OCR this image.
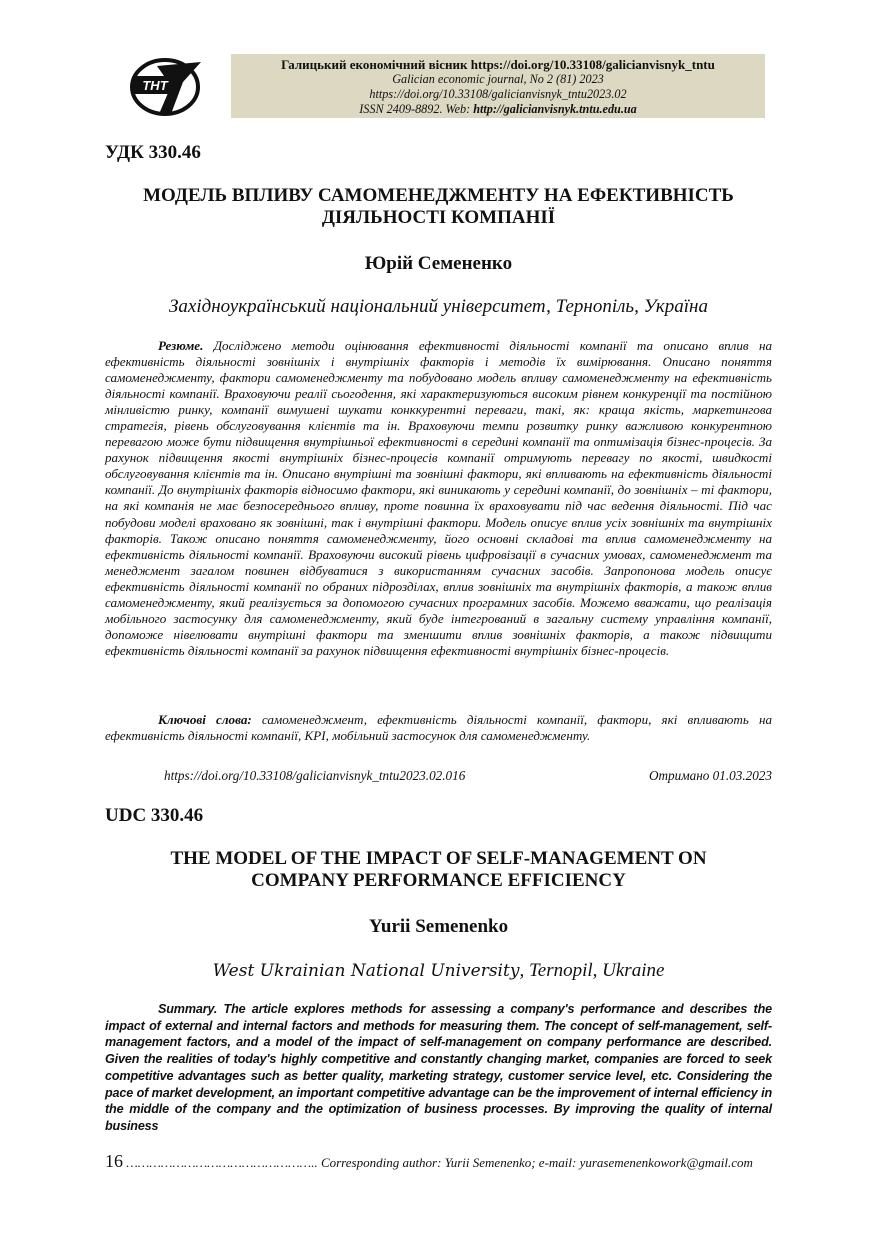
ТНТ
Галицький економічний вісник https://doi.org/10.33108/galicianvisnyk_tntu
Galician economic journal, No 2 (81) 2023
https://doi.org/10.33108/galicianvisnyk_tntu2023.02
ISSN 2409-8892. Web: http://galicianvisnyk.tntu.edu.ua
УДК 330.46
МОДЕЛЬ ВПЛИВУ САМОМЕНЕДЖМЕНТУ НА ЕФЕКТИВНІСТЬ
ДІЯЛЬНОСТІ КОМПАНІЇ
Юрій Семененко
Західноукраїнський національний університет, Тернопіль, Україна

Резюме. Досліджено методи оцінювання ефективності діяльності компанії та описано вплив на ефективність діяльності зовнішніх і внутрішніх факторів і методів їх вимірювання. Описано поняття самоменеджменту, фактори самоменеджменту та побудовано модель впливу самоменеджменту на ефективність діяльності компанії. Враховуючи реалії сьогодення, які характеризуються високим рівнем конкуренції та постійною мінливістю ринку, компанії вимушені шукати конккурентні переваги, такі, як: краща якість, маркетингова стратегія, рівень обслуговування клієнтів та ін. Враховуючи темпи розвитку ринку важливою конкурентною перевагою може бути підвищення внутрішньої ефективності в середині компанії та оптимізація бізнес-процесів. За рахунок підвищення якості внутрішніх бізнес-процесів компанії отримують перевагу по якості, швидкості обслуговування клієнтів та ін. Описано внутрішні та зовнішні фактори, які впливають на ефективність діяльності компанії. До внутрішніх факторів відносимо фактори, які виникають у середині компанії, до зовнішніх – ті фактори, на які компанія не має безпосереднього впливу, проте повинна їх враховувати під час ведення діяльності. Під час побудови моделі враховано як зовнішні, так і внутрішні фактори. Модель описує вплив усіх зовнішніх та внутрішніх факторів. Також описано поняття самоменеджменту, його основні складові та вплив самоменеджменту на ефективність діяльності компанії. Враховуючи високий рівень цифровізації в сучасних умовах, самоменеджмент та менеджмент загалом повинен відбуватися з використанням сучасних засобів. Запропонова модель описує ефективність діяльності компанії по обраних підрозділах, вплив зовнішніх та внутрішніх факторів, а також вплив самоменеджменту, який реалізується за допомогою сучасних програмних засобів. Можемо вважати, що реалізація мобільного застосунку для самоменеджменту, який буде інтегрований в загальну систему управління компанії, допоможе нівелювати внутрішні фактори та зменшити вплив зовнішніх факторів, а також підвищити ефективність діяльності компанії за рахунок підвищення ефективності внутрішніх бізнес-процесів.

Ключові слова: самоменеджмент, ефективність діяльності компанії, фактори, які впливають на ефективність діяльності компанії, KPI, мобільний застосунок для самоменеджменту.

https://doi.org/10.33108/galicianvisnyk_tntu2023.02.016	Отримано 01.03.2023
UDC 330.46
THE MODEL OF THE IMPACT OF SELF-MANAGEMENT ON
COMPANY PERFORMANCE EFFICIENCY
Yurii Semenenko
West Ukrainian National University, Ternopil, Ukraine

Summary. The article explores methods for assessing a company's performance and describes the impact of external and internal factors and methods for measuring them. The concept of self-management, self-management factors, and a model of the impact of self-management on company performance are described. Given the realities of today's highly competitive and constantly changing market, companies are forced to seek competitive advantages such as better quality, marketing strategy, customer service level, etc. Considering the pace of market development, an important competitive advantage can be the improvement of internal efficiency in the middle of the company and the optimization of business processes. By improving the quality of internal business

16 ………………………………………….. Corresponding author: Yurii Semenenko; e-mail: yurasemenenkowork@gmail.com
